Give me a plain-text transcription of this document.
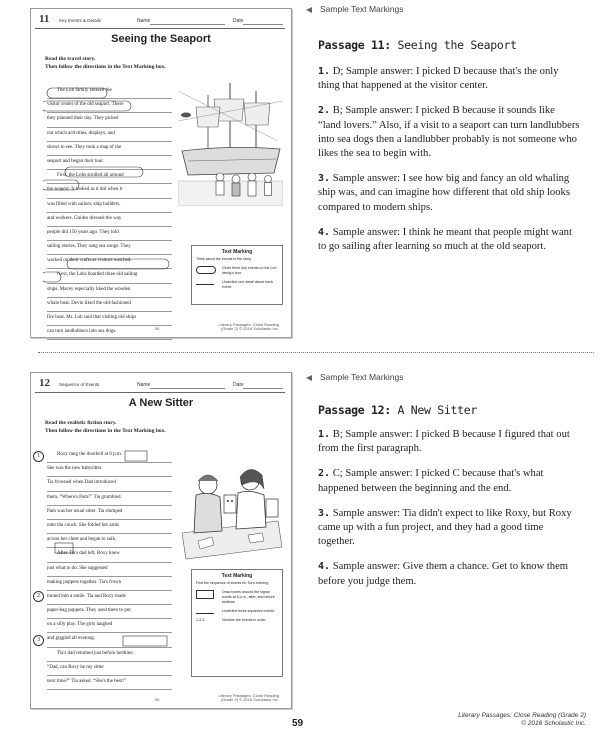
11 Key Events & Details	Name	Date
Seeing the Seaport
Read the travel story.
Then follow the directions in the Text Marking box.
The Loh family entered the
visitor center of the old seaport. There
they planned their day. They picked
out which activities, displays, and
shows to see. They took a map of the
seaport and began their tour.
First, the Lohs strolled all around
the seaport. It looked as it did when it
was filled with sailors, ship builders,
and workers. Guides dressed the way
people did 150 years ago. They told
sailing stories. They sang sea songs. They
worked on their crafts as visitors watched.
Next, the Lohs boarded three old sailing
ships. Macey especially liked the wooden
whale boat. Devin liked the old-fashioned
fire boat. Mr. Loh said that visiting old ships
can turn landlubbers into sea dogs.
Text Marking
Think about the events in the story.
Circle three key events on the Loh family's tour.
Underline one detail about each event.
56
Literary Passages: Close Reading (Grade 2) © 2016 Scholastic Inc.
Sample Text Markings
Passage 11: Seeing the Seaport

1. D; Sample answer: I picked D because that's the only thing that happened at the visitor center.

2. B; Sample answer: I picked B because it sounds like “land lovers.” Also, if a visit to a seaport can turn landlubbers into sea dogs then a landlubber probably is not someone who likes the sea to begin with.

3. Sample answer: I see how big and fancy an old whaling ship was, and can imagine how different that old ship looks compared to modern ships.

4. Sample answer: I think he meant that people might want to go sailing after learning so much at the old seaport.

12 Sequence of Events	Name	Date
A New Sitter
Read the realistic fiction story.
Then follow the directions in the Text Marking box.
Roxy rang the doorbell at 6 p.m.
She was the new babysitter.
Tia frowned when Dad introduced
them. “Where's Pam?” Tia grumbled.
Pam was her usual sitter. Tia slumped
onto the couch. She folded her arms
across her chest and began to sulk.
After Tia's dad left, Roxy knew
just what to do. She suggested
making puppets together. Tia's frown
turned into a smile. Tia and Roxy made
paper-bag puppets. They used them to put
on a silly play. The girls laughed
and giggled all evening.
Tia's dad returned just before bedtime.
“Dad, can Roxy be my sitter
next time?” Tia asked. “She's the best!”
1
2
3
Text Marking
Find the sequence of events for Tia's evening.
Draw boxes around the signal words at 6 p.m., after, and before bedtime.
Underline three important events.
1-2-3	Number the events in order.
56
Literary Passages: Close Reading (Grade 2) © 2016 Scholastic Inc.
Sample Text Markings
Passage 12: A New Sitter

1. B; Sample answer: I picked B because I figured that out from the first paragraph.

2. C; Sample answer: I picked C because that's what happened between the beginning and the end.

3. Sample answer: Tia didn't expect to like Roxy, but Roxy came up with a fun project, and they had a good time together.

4. Sample answer: Give them a chance. Get to know them before you judge them.

59
Literary Passages: Close Reading (Grade 2)
© 2016 Scholastic Inc.
